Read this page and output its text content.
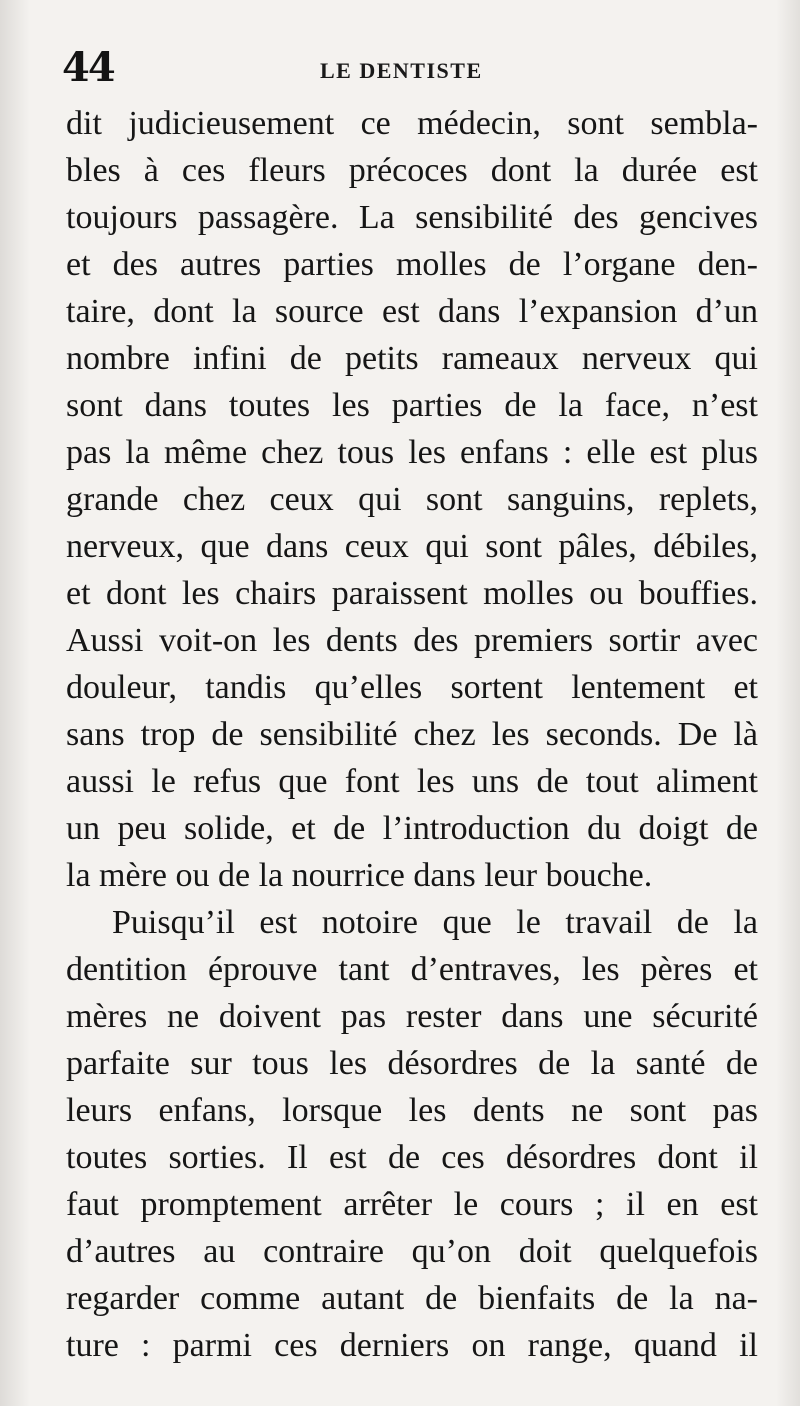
44	LE DENTISTE
dit judicieusement ce médecin, sont sembla-
bles à ces fleurs précoces dont la durée est
toujours passagère. La sensibilité des gencives
et des autres parties molles de l’organe den-
taire, dont la source est dans l’expansion d’un
nombre infini de petits rameaux nerveux qui
sont dans toutes les parties de la face, n’est
pas la même chez tous les enfans : elle est plus
grande chez ceux qui sont sanguins, replets,
nerveux, que dans ceux qui sont pâles, débiles,
et dont les chairs paraissent molles ou bouffies.
Aussi voit-on les dents des premiers sortir avec
douleur, tandis qu’elles sortent lentement et
sans trop de sensibilité chez les seconds. De là
aussi le refus que font les uns de tout aliment
un peu solide, et de l’introduction du doigt de
la mère ou de la nourrice dans leur bouche.
Puisqu’il est notoire que le travail de la
dentition éprouve tant d’entraves, les pères et
mères ne doivent pas rester dans une sécurité
parfaite sur tous les désordres de la santé de
leurs enfans, lorsque les dents ne sont pas
toutes sorties. Il est de ces désordres dont il
faut promptement arrêter le cours ; il en est
d’autres au contraire qu’on doit quelquefois
regarder comme autant de bienfaits de la na-
ture : parmi ces derniers on range, quand il
